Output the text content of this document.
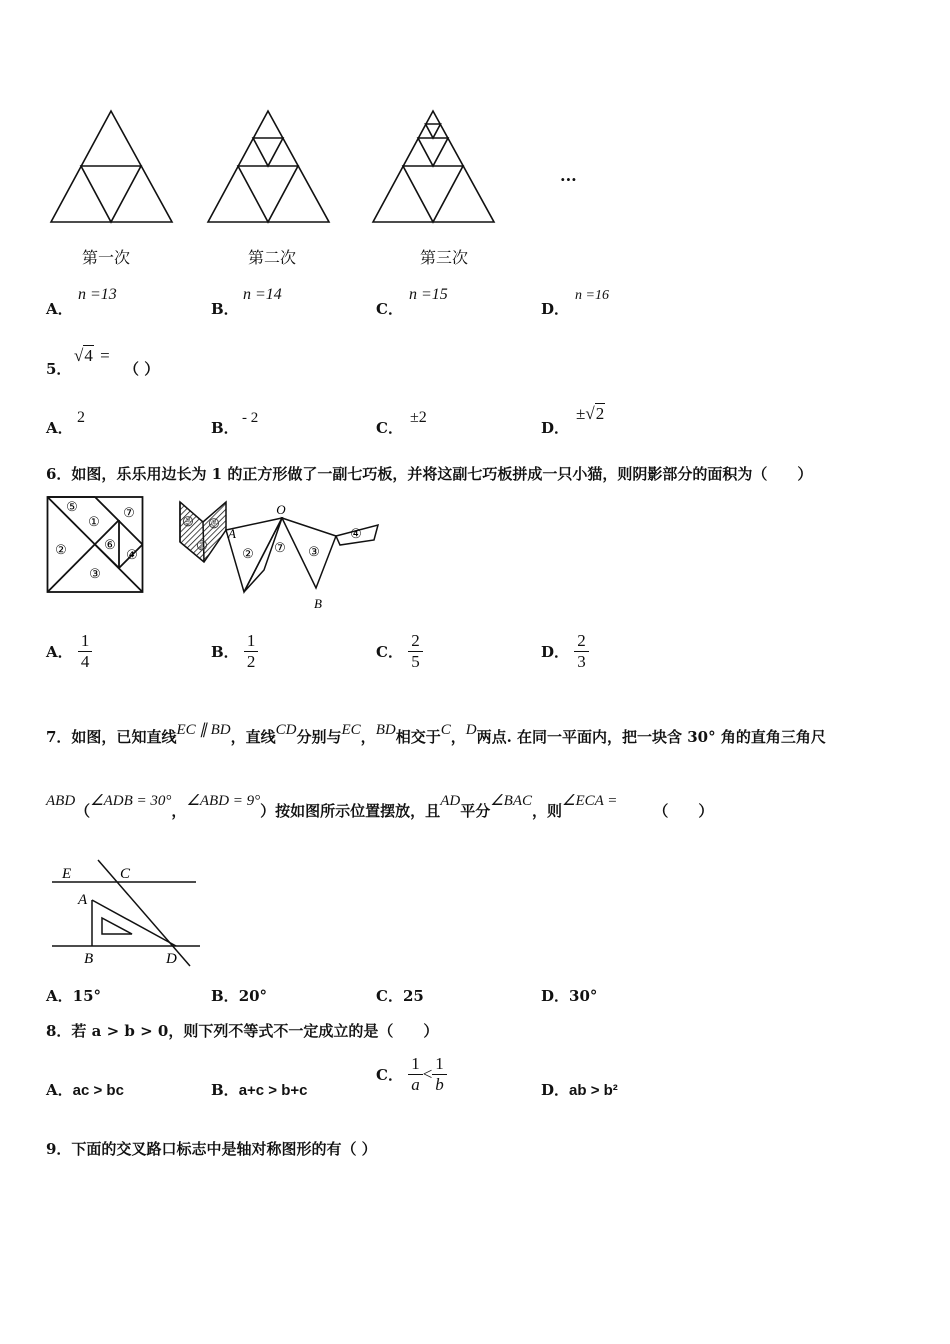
...
第一次	第二次	第三次
A．
n =13
B．
n =14
C．
n =15
D．
n =16
5．
√4 =
（ ）
A．
2
B．
- 2
C．
±2
D．
±√2
6．如图，乐乐用边长为 1 的正方形做了一副七巧板，并将这副七巧板拼成一只小猫，则阴影部分的面积为（　　）
⑤
①
⑦
②	⑥
④
③
⑤ ⑥
①
② ⑦ ③
④
O
A
B
A． $\frac{1}{4}$	B． $\frac{1}{2}$	C． $\frac{2}{5}$	D． $\frac{2}{3}$
7．如图，已知直线EC ∥ BD，直线CD分别与EC，BD相交于C，D两点. 在同一平面内，把一块含 30° 角的直角三角尺
ABD（∠ADB = 30°，∠ABD = 9°）按如图所示位置摆放，且AD平分∠BAC，则∠ECA =（　　）
E	C
A
B	D
A．15°	B．20°	C．25	D．30°
8．若 a > b > 0，则下列不等式不一定成立的是（　　）
A．ac > bc	B．a+c > b+c
C． $\frac{1}{a} < \frac{1}{b}$	D．ab > b²
9．下面的交叉路口标志中是轴对称图形的有（ ）
